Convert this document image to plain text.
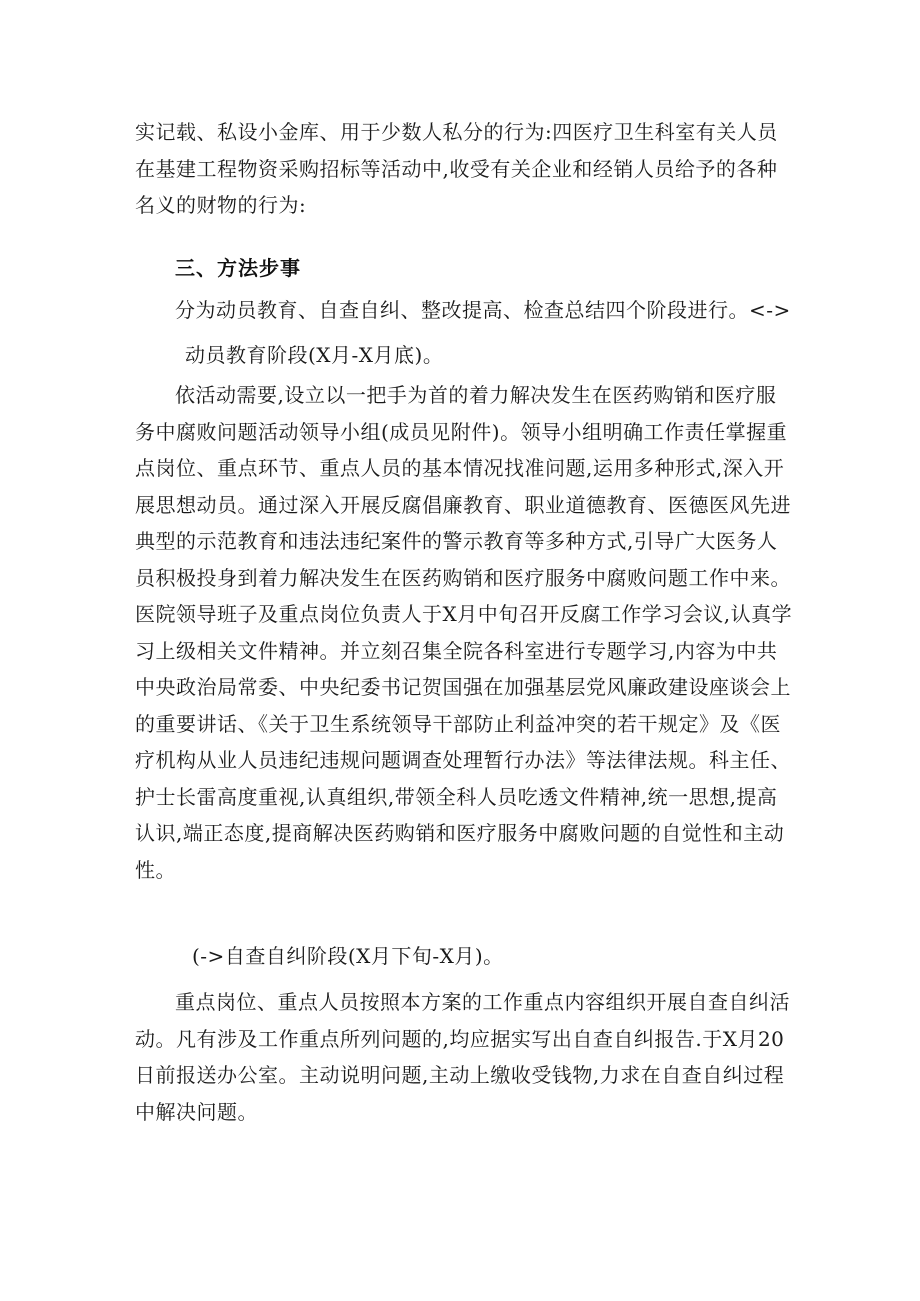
实记载、私设小金库、用于少数人私分的行为:四医疗卫生科室有关人员在基建工程物资采购招标等活动中,收受有关企业和经销人员给予的各种名义的财物的行为:
三、方法步事
分为动员教育、自查自纠、整改提高、检查总结四个阶段进行。<->
动员教育阶段(X月-X月底)。
依活动需要,设立以一把手为首的着力解决发生在医药购销和医疗服务中腐败问题活动领导小组(成员见附件)。领导小组明确工作责任掌握重点岗位、重点环节、重点人员的基本情况找准问题,运用多种形式,深入开展思想动员。通过深入开展反腐倡廉教育、职业道德教育、医德医风先进典型的示范教育和违法违纪案件的警示教育等多种方式,引导广大医务人员积极投身到着力解决发生在医药购销和医疗服务中腐败问题工作中来。医院领导班子及重点岗位负责人于X月中旬召开反腐工作学习会议,认真学习上级相关文件精神。并立刻召集全院各科室进行专题学习,内容为中共中央政治局常委、中央纪委书记贺国强在加强基层党风廉政建设座谈会上的重要讲话、《关于卫生系统领导干部防止利益冲突的若干规定》及《医疗机构从业人员违纪违规问题调查处理暂行办法》等法律法规。科主任、护士长雷高度重视,认真组织,带领全科人员吃透文件精神,统一思想,提高认识,端正态度,提商解决医药购销和医疗服务中腐败问题的自觉性和主动性。
(->自查自纠阶段(X月下旬-X月)。
重点岗位、重点人员按照本方案的工作重点内容组织开展自查自纠活动。凡有涉及工作重点所列问题的,均应据实写出自查自纠报告.于X月20日前报送办公室。主动说明问题,主动上缴收受钱物,力求在自查自纠过程中解决问题。
